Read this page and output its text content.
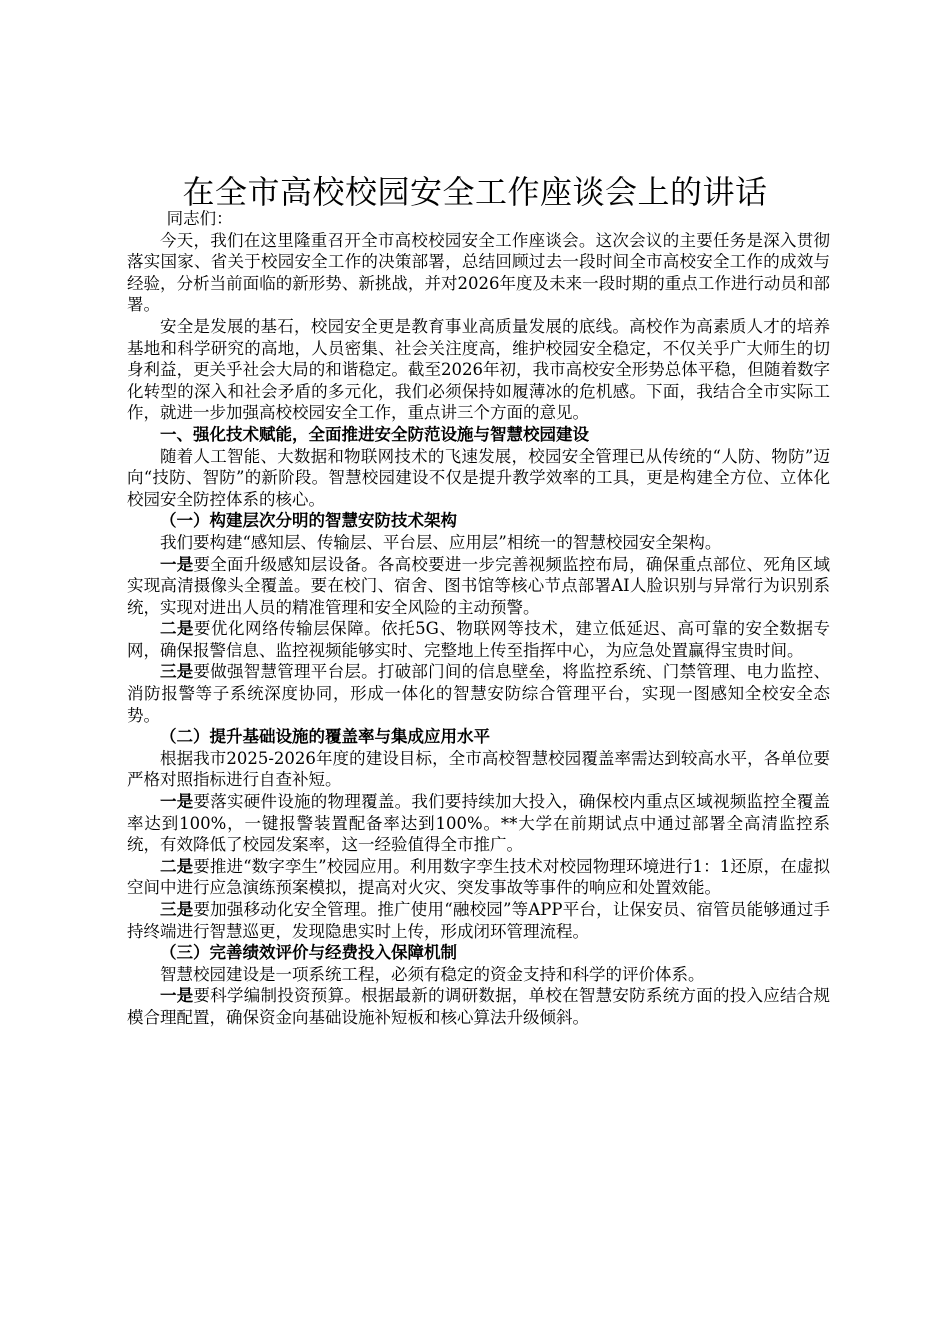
在全市高校校园安全工作座谈会上的讲话

同志们：

今天，我们在这里隆重召开全市高校校园安全工作座谈会。这次会议的主要任务是深入贯彻落实国家、省关于校园安全工作的决策部署，总结回顾过去一段时间全市高校安全工作的成效与经验，分析当前面临的新形势、新挑战，并对2026年度及未来一段时期的重点工作进行动员和部署。

安全是发展的基石，校园安全更是教育事业高质量发展的底线。高校作为高素质人才的培养基地和科学研究的高地，人员密集、社会关注度高，维护校园安全稳定，不仅关乎广大师生的切身利益，更关乎社会大局的和谐稳定。截至2026年初，我市高校安全形势总体平稳，但随着数字化转型的深入和社会矛盾的多元化，我们必须保持如履薄冰的危机感。下面，我结合全市实际工作，就进一步加强高校校园安全工作，重点讲三个方面的意见。

一、强化技术赋能，全面推进安全防范设施与智慧校园建设

随着人工智能、大数据和物联网技术的飞速发展，校园安全管理已从传统的“人防、物防”迈向“技防、智防”的新阶段。智慧校园建设不仅是提升教学效率的工具，更是构建全方位、立体化校园安全防控体系的核心。

（一）构建层次分明的智慧安防技术架构

我们要构建“感知层、传输层、平台层、应用层”相统一的智慧校园安全架构。

一是要全面升级感知层设备。各高校要进一步完善视频监控布局，确保重点部位、死角区域实现高清摄像头全覆盖。要在校门、宿舍、图书馆等核心节点部署AI人脸识别与异常行为识别系统，实现对进出人员的精准管理和安全风险的主动预警。

二是要优化网络传输层保障。依托5G、物联网等技术，建立低延迟、高可靠的安全数据专网，确保报警信息、监控视频能够实时、完整地上传至指挥中心，为应急处置赢得宝贵时间。

三是要做强智慧管理平台层。打破部门间的信息壁垒，将监控系统、门禁管理、电力监控、消防报警等子系统深度协同，形成一体化的智慧安防综合管理平台，实现一图感知全校安全态势。

（二）提升基础设施的覆盖率与集成应用水平

根据我市2025-2026年度的建设目标，全市高校智慧校园覆盖率需达到较高水平，各单位要严格对照指标进行自查补短。

一是要落实硬件设施的物理覆盖。我们要持续加大投入，确保校内重点区域视频监控全覆盖率达到100%，一键报警装置配备率达到100%。**大学在前期试点中通过部署全高清监控系统，有效降低了校园发案率，这一经验值得全市推广。

二是要推进“数字孪生”校园应用。利用数字孪生技术对校园物理环境进行1：1还原，在虚拟空间中进行应急演练预案模拟，提高对火灾、突发事故等事件的响应和处置效能。

三是要加强移动化安全管理。推广使用“融校园”等APP平台，让保安员、宿管员能够通过手持终端进行智慧巡更，发现隐患实时上传，形成闭环管理流程。

（三）完善绩效评价与经费投入保障机制

智慧校园建设是一项系统工程，必须有稳定的资金支持和科学的评价体系。

一是要科学编制投资预算。根据最新的调研数据，单校在智慧安防系统方面的投入应结合规模合理配置，确保资金向基础设施补短板和核心算法升级倾斜。
